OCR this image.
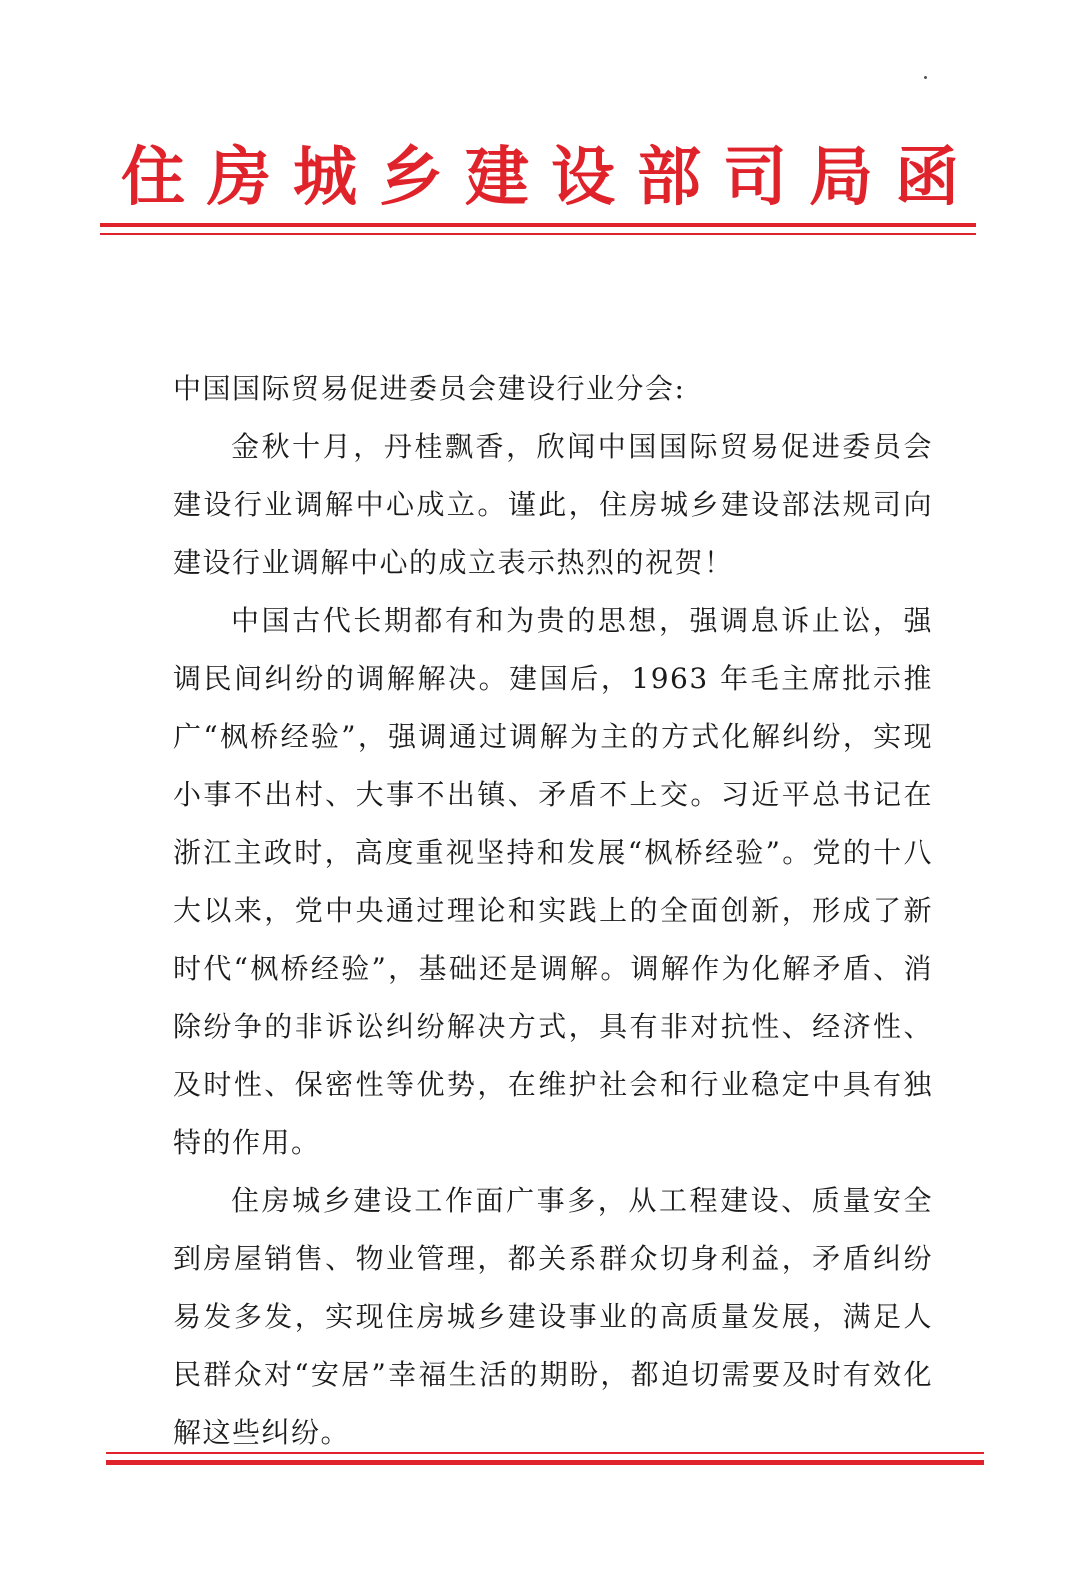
住房城乡建设部司局函

中国国际贸易促进委员会建设行业分会:

金秋十月，丹桂飘香，欣闻中国国际贸易促进委员会建设行业调解中心成立。谨此，住房城乡建设部法规司向建设行业调解中心的成立表示热烈的祝贺！

中国古代长期都有和为贵的思想，强调息诉止讼，强调民间纠纷的调解解决。建国后，1963 年毛主席批示推广“枫桥经验”，强调通过调解为主的方式化解纠纷，实现小事不出村、大事不出镇、矛盾不上交。习近平总书记在浙江主政时，高度重视坚持和发展“枫桥经验”。党的十八大以来，党中央通过理论和实践上的全面创新，形成了新时代“枫桥经验”，基础还是调解。调解作为化解矛盾、消除纷争的非诉讼纠纷解决方式，具有非对抗性、经济性、及时性、保密性等优势，在维护社会和行业稳定中具有独特的作用。

住房城乡建设工作面广事多，从工程建设、质量安全到房屋销售、物业管理，都关系群众切身利益，矛盾纠纷易发多发，实现住房城乡建设事业的高质量发展，满足人民群众对“安居”幸福生活的期盼，都迫切需要及时有效化解这些纠纷。
